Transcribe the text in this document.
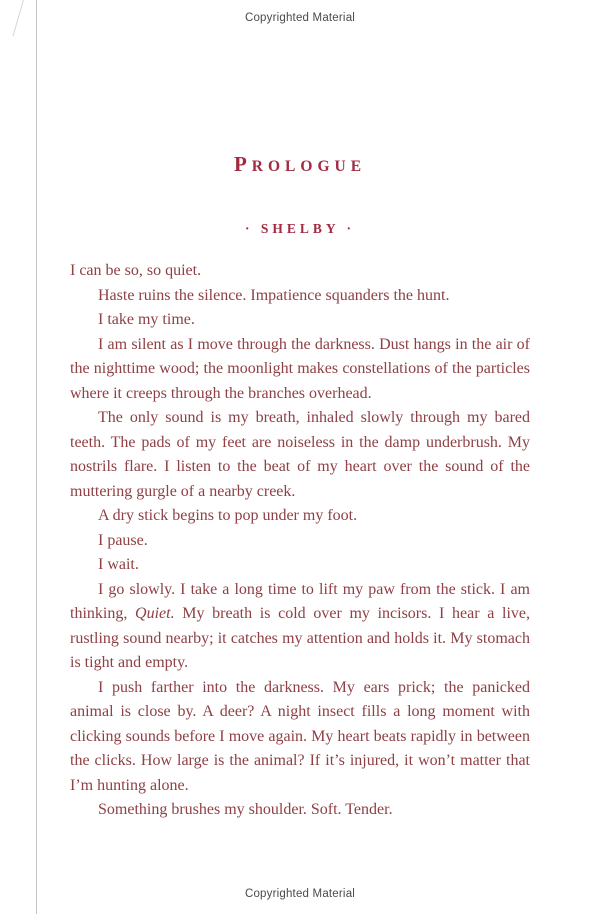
Copyrighted Material
PROLOGUE
· SHELBY ·

I can be so, so quiet.

Haste ruins the silence. Impatience squanders the hunt.

I take my time.

I am silent as I move through the darkness. Dust hangs in the air of the nighttime wood; the moonlight makes constellations of the particles where it creeps through the branches overhead.

The only sound is my breath, inhaled slowly through my bared teeth. The pads of my feet are noiseless in the damp underbrush. My nostrils flare. I listen to the beat of my heart over the sound of the muttering gurgle of a nearby creek.

A dry stick begins to pop under my foot.

I pause.

I wait.

I go slowly. I take a long time to lift my paw from the stick. I am thinking, Quiet. My breath is cold over my incisors. I hear a live, rustling sound nearby; it catches my attention and holds it. My stomach is tight and empty.

I push farther into the darkness. My ears prick; the panicked animal is close by. A deer? A night insect fills a long moment with clicking sounds before I move again. My heart beats rapidly in between the clicks. How large is the animal? If it’s injured, it won’t matter that I’m hunting alone.

Something brushes my shoulder. Soft. Tender.

Copyrighted Material
